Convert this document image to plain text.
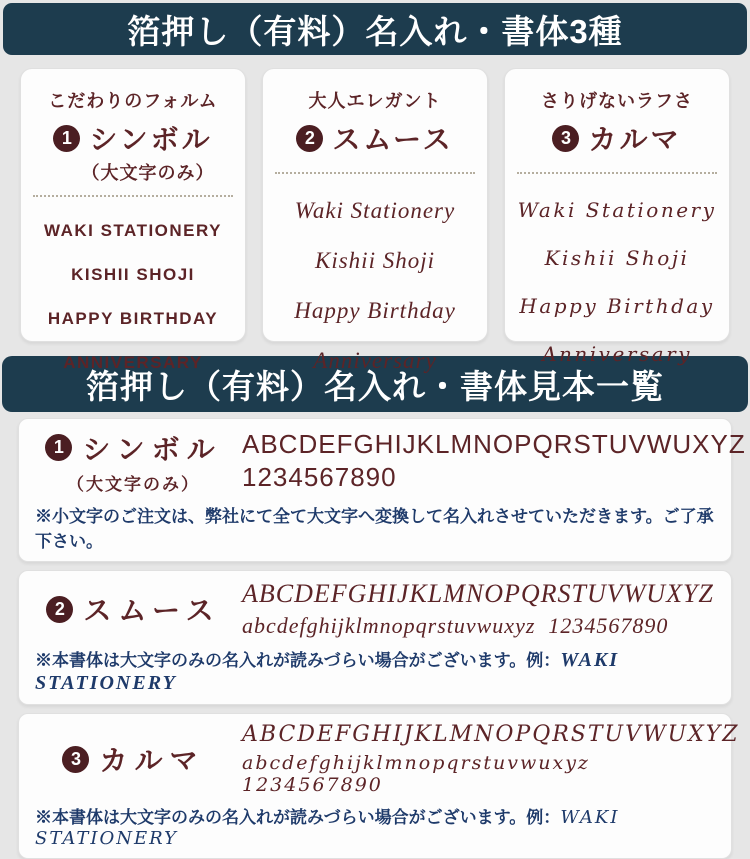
箔押し（有料）名入れ・書体3種
こだわりのフォルム
1 シンボル
（大文字のみ）
WAKI STATIONERY
KISHII SHOJI
HAPPY BIRTHDAY
ANNIVERSARY
大人エレガント
2 スムース
Waki Stationery
Kishii Shoji
Happy Birthday
Anniversary
さりげないラフさ
3 カルマ
Waki Stationery
Kishii Shoji
Happy Birthday
Anniversary
箔押し（有料）名入れ・書体見本一覧
1 シンボル
（大文字のみ）
ABCDEFGHIJKLMNOPQRSTUVWUXYZ
1234567890
※小文字のご注文は、弊社にて全て大文字へ変換して名入れさせていただきます。ご了承下さい。
2 スムース
ABCDEFGHIJKLMNOPQRSTUVWUXYZ
abcdefghijklmnopqrstuvwuxyz  1234567890
※本書体は大文字のみの名入れが読みづらい場合がございます。例：WAKI STATIONERY
3 カルマ
ABCDEFGHIJKLMNOPQRSTUVWUXYZ
abcdefghijklmnopqrstuvwuxyz  1234567890
※本書体は大文字のみの名入れが読みづらい場合がございます。例：WAKI STATIONERY
